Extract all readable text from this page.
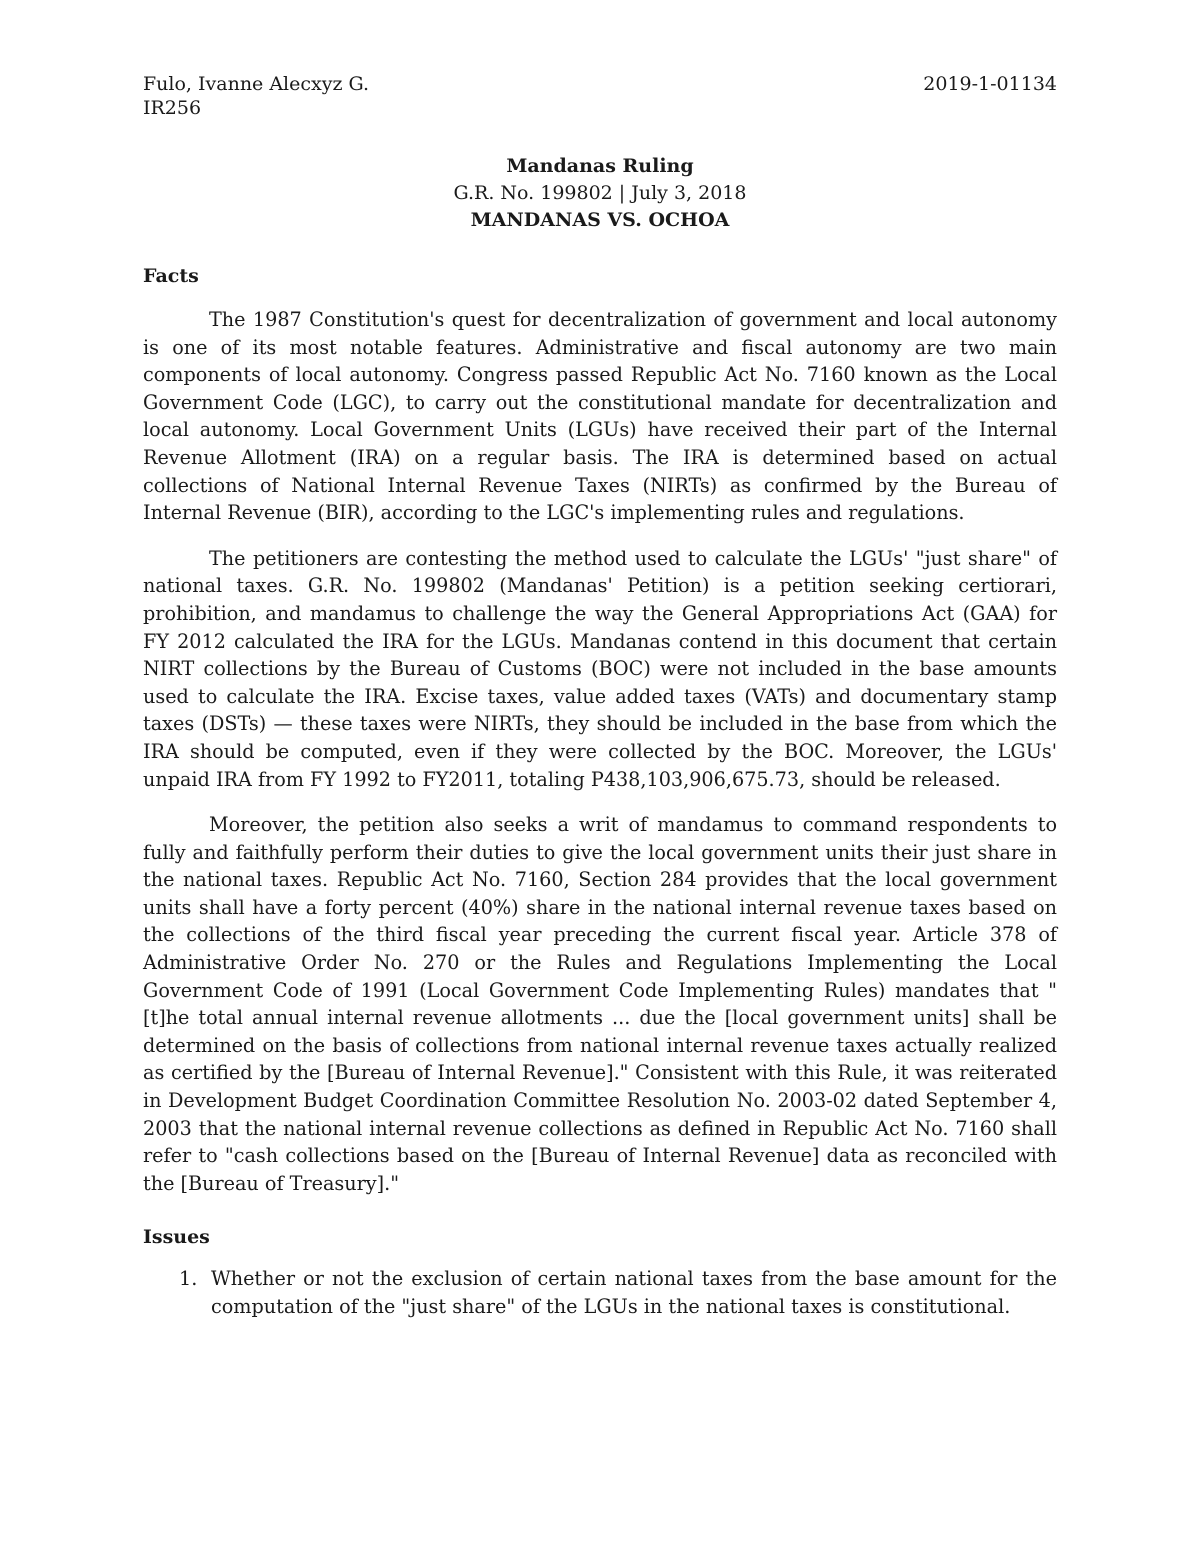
Fulo, Ivanne Alecxyz G.	2019-1-01134
IR256
Mandanas Ruling
G.R. No. 199802 | July 3, 2018
MANDANAS VS. OCHOA
Facts

The 1987 Constitution's quest for decentralization of government and local autonomy is one of its most notable features. Administrative and fiscal autonomy are two main components of local autonomy. Congress passed Republic Act No. 7160 known as the Local Government Code (LGC), to carry out the constitutional mandate for decentralization and local autonomy. Local Government Units (LGUs) have received their part of the Internal Revenue Allotment (IRA) on a regular basis. The IRA is determined based on actual collections of National Internal Revenue Taxes (NIRTs) as confirmed by the Bureau of Internal Revenue (BIR), according to the LGC's implementing rules and regulations.

The petitioners are contesting the method used to calculate the LGUs' "just share" of national taxes. G.R. No. 199802 (Mandanas' Petition) is a petition seeking certiorari, prohibition, and mandamus to challenge the way the General Appropriations Act (GAA) for FY 2012 calculated the IRA for the LGUs. Mandanas contend in this document that certain NIRT collections by the Bureau of Customs (BOC) were not included in the base amounts used to calculate the IRA. Excise taxes, value added taxes (VATs) and documentary stamp taxes (DSTs) — these taxes were NIRTs, they should be included in the base from which the IRA should be computed, even if they were collected by the BOC. Moreover, the LGUs' unpaid IRA from FY 1992 to FY2011, totaling P438,103,906,675.73, should be released.

Moreover, the petition also seeks a writ of mandamus to command respondents to fully and faithfully perform their duties to give the local government units their just share in the national taxes. Republic Act No. 7160, Section 284 provides that the local government units shall have a forty percent (40%) share in the national internal revenue taxes based on the collections of the third fiscal year preceding the current fiscal year. Article 378 of Administrative Order No. 270 or the Rules and Regulations Implementing the Local Government Code of 1991 (Local Government Code Implementing Rules) mandates that "[t]he total annual internal revenue allotments ... due the [local government units] shall be determined on the basis of collections from national internal revenue taxes actually realized as certified by the [Bureau of Internal Revenue]." Consistent with this Rule, it was reiterated in Development Budget Coordination Committee Resolution No. 2003-02 dated September 4, 2003 that the national internal revenue collections as defined in Republic Act No. 7160 shall refer to "cash collections based on the [Bureau of Internal Revenue] data as reconciled with the [Bureau of Treasury]."

Issues
1. Whether or not the exclusion of certain national taxes from the base amount for the computation of the "just share" of the LGUs in the national taxes is constitutional.
